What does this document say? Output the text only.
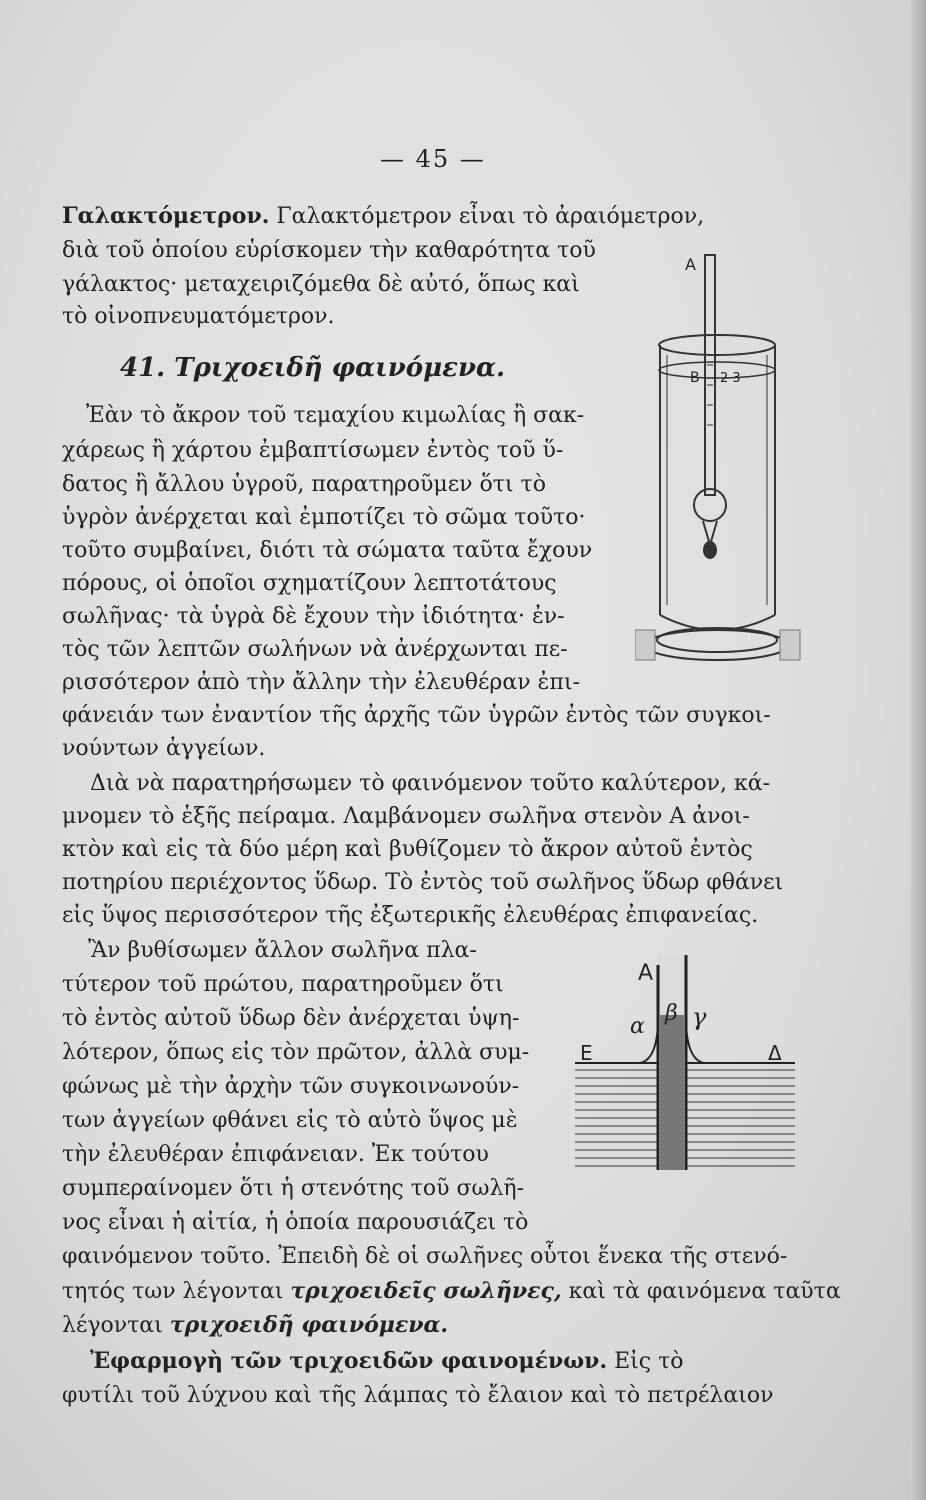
— 45 —
Γαλακτόμετρον. Γαλακτόμετρον εἶναι τὸ ἀραιόμετρον,
διὰ τοῦ ὁποίου εὑρίσκομεν τὴν καθαρότητα τοῦ
γάλακτος· μεταχειριζόμεθα δὲ αὐτό, ὅπως καὶ
τὸ οἰνοπνευματόμετρον.
41. Τριχοειδῆ φαινόμενα.
Ἐὰν τὸ ἄκρον τοῦ τεμαχίου κιμωλίας ἢ σακ-
χάρεως ἢ χάρτου ἐμβαπτίσωμεν ἐντὸς τοῦ ὕ-
δατος ἢ ἄλλου ὑγροῦ, παρατηροῦμεν ὅτι τὸ
ὑγρὸν ἀνέρχεται καὶ ἐμποτίζει τὸ σῶμα τοῦτο·
τοῦτο συμβαίνει, διότι τὰ σώματα ταῦτα ἔχουν
πόρους, οἱ ὁποῖοι σχηματίζουν λεπτοτάτους
σωλῆνας· τὰ ὑγρὰ δὲ ἔχουν τὴν ἰδιότητα· ἐν-
τὸς τῶν λεπτῶν σωλήνων νὰ ἀνέρχωνται πε-
ρισσότερον ἀπὸ τὴν ἄλλην τὴν ἐλευθέραν ἐπι-
φάνειάν των ἐναντίον τῆς ἀρχῆς τῶν ὑγρῶν ἐντὸς τῶν συγκοι-
νούντων ἀγγείων.
Διὰ νὰ παρατηρήσωμεν τὸ φαινόμενον τοῦτο καλύτερον, κά-
μνομεν τὸ ἑξῆς πείραμα. Λαμβάνομεν σωλῆνα στενὸν Α ἀνοι-
κτὸν καὶ εἰς τὰ δύο μέρη καὶ βυθίζομεν τὸ ἄκρον αὐτοῦ ἐντὸς
ποτηρίου περιέχοντος ὕδωρ. Τὸ ἐντὸς τοῦ σωλῆνος ὕδωρ φθάνει
εἰς ὕψος περισσότερον τῆς ἐξωτερικῆς ἐλευθέρας ἐπιφανείας.
Ἂν βυθίσωμεν ἄλλον σωλῆνα πλα-
τύτερον τοῦ πρώτου, παρατηροῦμεν ὅτι
τὸ ἐντὸς αὐτοῦ ὕδωρ δὲν ἀνέρχεται ὑψη-
λότερον, ὅπως εἰς τὸν πρῶτον, ἀλλὰ συμ-
φώνως μὲ τὴν ἀρχὴν τῶν συγκοινωνούν-
των ἀγγείων φθάνει εἰς τὸ αὐτὸ ὕψος μὲ
τὴν ἐλευθέραν ἐπιφάνειαν. Ἐκ τούτου
συμπεραίνομεν ὅτι ἡ στενότης τοῦ σωλῆ-
νος εἶναι ἡ αἰτία, ἡ ὁποία παρουσιάζει τὸ
φαινόμενον τοῦτο. Ἐπειδὴ δὲ οἱ σωλῆνες οὗτοι ἕνεκα τῆς στενό-
τητός των λέγονται τριχοειδεῖς σωλῆνες, καὶ τὰ φαινόμενα ταῦτα
λέγονται τριχοειδῆ φαινόμενα.
Ἐφαρμογὴ τῶν τριχοειδῶν φαινομένων. Εἰς τὸ
φυτίλι τοῦ λύχνου καὶ τῆς λάμπας τὸ ἔλαιον καὶ τὸ πετρέλαιον
Α
Β 2 3
Α
α
β γ
Ε	Δ
